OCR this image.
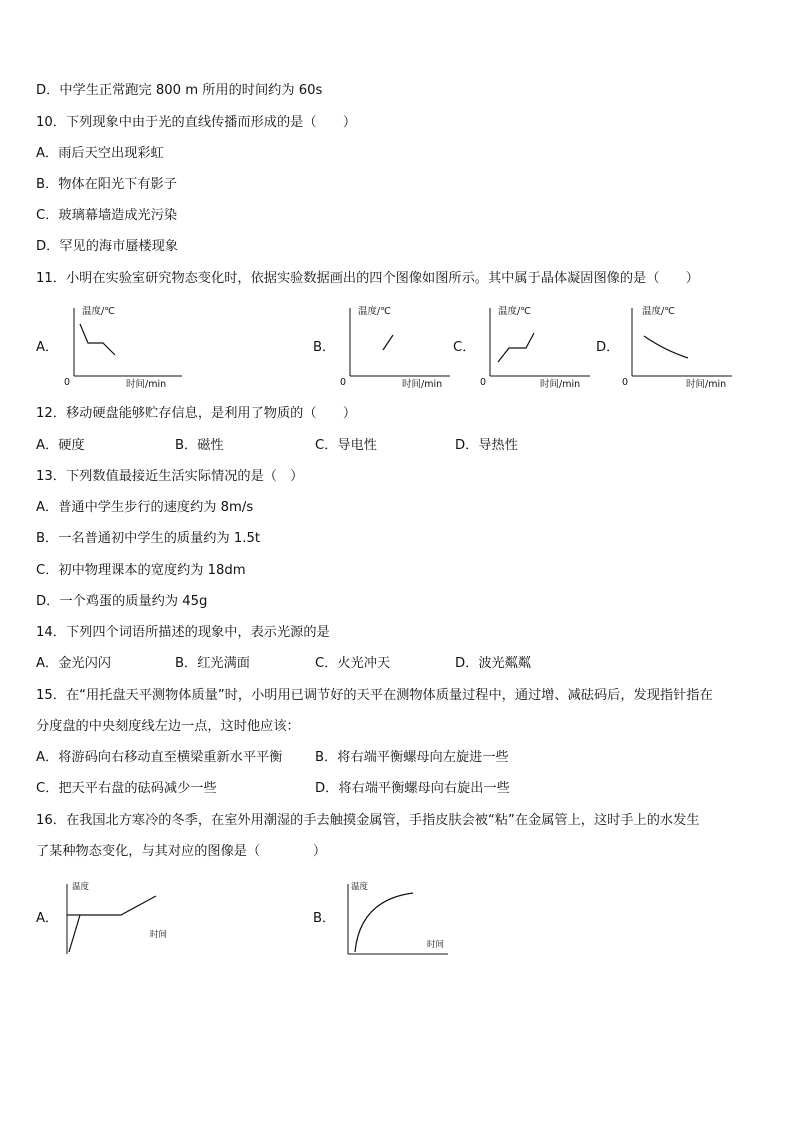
D．中学生正常跑完 800 m 所用的时间约为 60s
10．下列现象中由于光的直线传播而形成的是（　　）
A．雨后天空出现彩虹
B．物体在阳光下有影子
C．玻璃幕墙造成光污染
D．罕见的海市蜃楼现象
11．小明在实验室研究物态变化时，依据实验数据画出的四个图像如图所示。其中属于晶体凝固图像的是（　　）
A．	B．	C．	D．
温度/℃
0	时间/min
温度/℃
0	时间/min
温度/℃
0	时间/min
温度/℃
0	时间/min
12．移动硬盘能够贮存信息，是利用了物质的（　　）
A．硬度	B．磁性	C．导电性	D．导热性
13．下列数值最接近生活实际情况的是（　）
A．普通中学生步行的速度约为 8m/s
B．一名普通初中学生的质量约为 1.5t
C．初中物理课本的宽度约为 18dm
D．一个鸡蛋的质量约为 45g
14．下列四个词语所描述的现象中，表示光源的是
A．金光闪闪	B．红光满面	C．火光冲天	D．波光粼粼
15．在“用托盘天平测物体质量”时，小明用已调节好的天平在测物体质量过程中，通过增、减砝码后，发现指针指在
分度盘的中央刻度线左边一点，这时他应该：
A．将游码向右移动直至横梁重新水平平衡 B．将右端平衡螺母向左旋进一些
C．把天平右盘的砝码减少一些	D．将右端平衡螺母向右旋出一些
16．在我国北方寒冷的冬季，在室外用潮湿的手去触摸金属管，手指皮肤会被“粘”在金属管上，这时手上的水发生
了某种物态变化，与其对应的图像是（　　　　）
A．	B．
温度
时间
温度
时间
